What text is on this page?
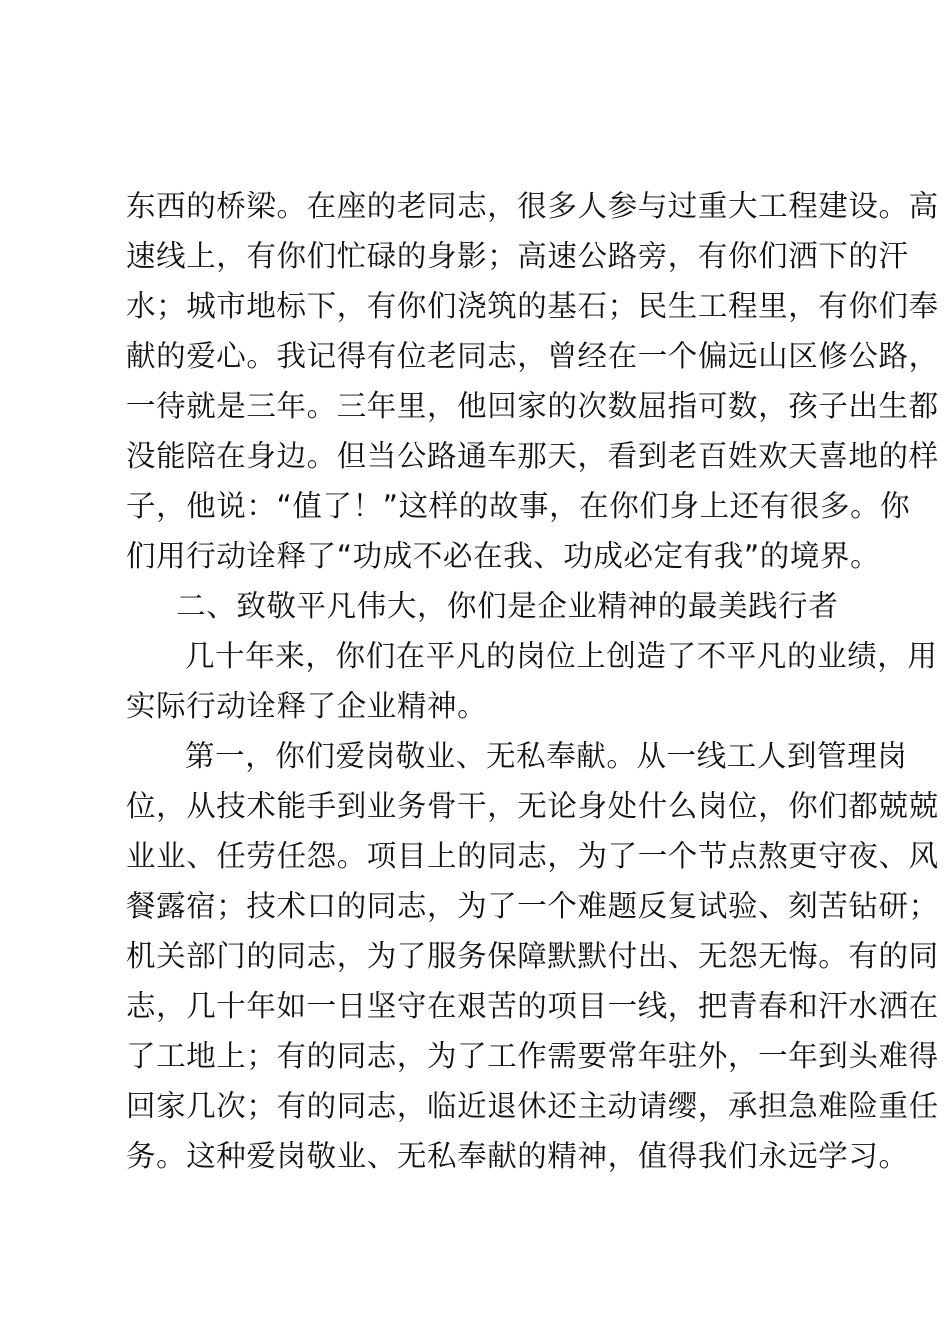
东西的桥梁。在座的老同志，很多人参与过重大工程建设。高
速线上，有你们忙碌的身影；高速公路旁，有你们洒下的汗
水；城市地标下，有你们浇筑的基石；民生工程里，有你们奉
献的爱心。我记得有位老同志，曾经在一个偏远山区修公路，
一待就是三年。三年里，他回家的次数屈指可数，孩子出生都
没能陪在身边。但当公路通车那天，看到老百姓欢天喜地的样
子，他说：“值了！”这样的故事，在你们身上还有很多。你
们用行动诠释了“功成不必在我、功成必定有我”的境界。

二、致敬平凡伟大，你们是企业精神的最美践行者

几十年来，你们在平凡的岗位上创造了不平凡的业绩，用
实际行动诠释了企业精神。

第一，你们爱岗敬业、无私奉献。从一线工人到管理岗
位，从技术能手到业务骨干，无论身处什么岗位，你们都兢兢
业业、任劳任怨。项目上的同志，为了一个节点熬更守夜、风
餐露宿；技术口的同志，为了一个难题反复试验、刻苦钻研；
机关部门的同志，为了服务保障默默付出、无怨无悔。有的同
志，几十年如一日坚守在艰苦的项目一线，把青春和汗水洒在
了工地上；有的同志，为了工作需要常年驻外，一年到头难得
回家几次；有的同志，临近退休还主动请缨，承担急难险重任
务。这种爱岗敬业、无私奉献的精神，值得我们永远学习。
